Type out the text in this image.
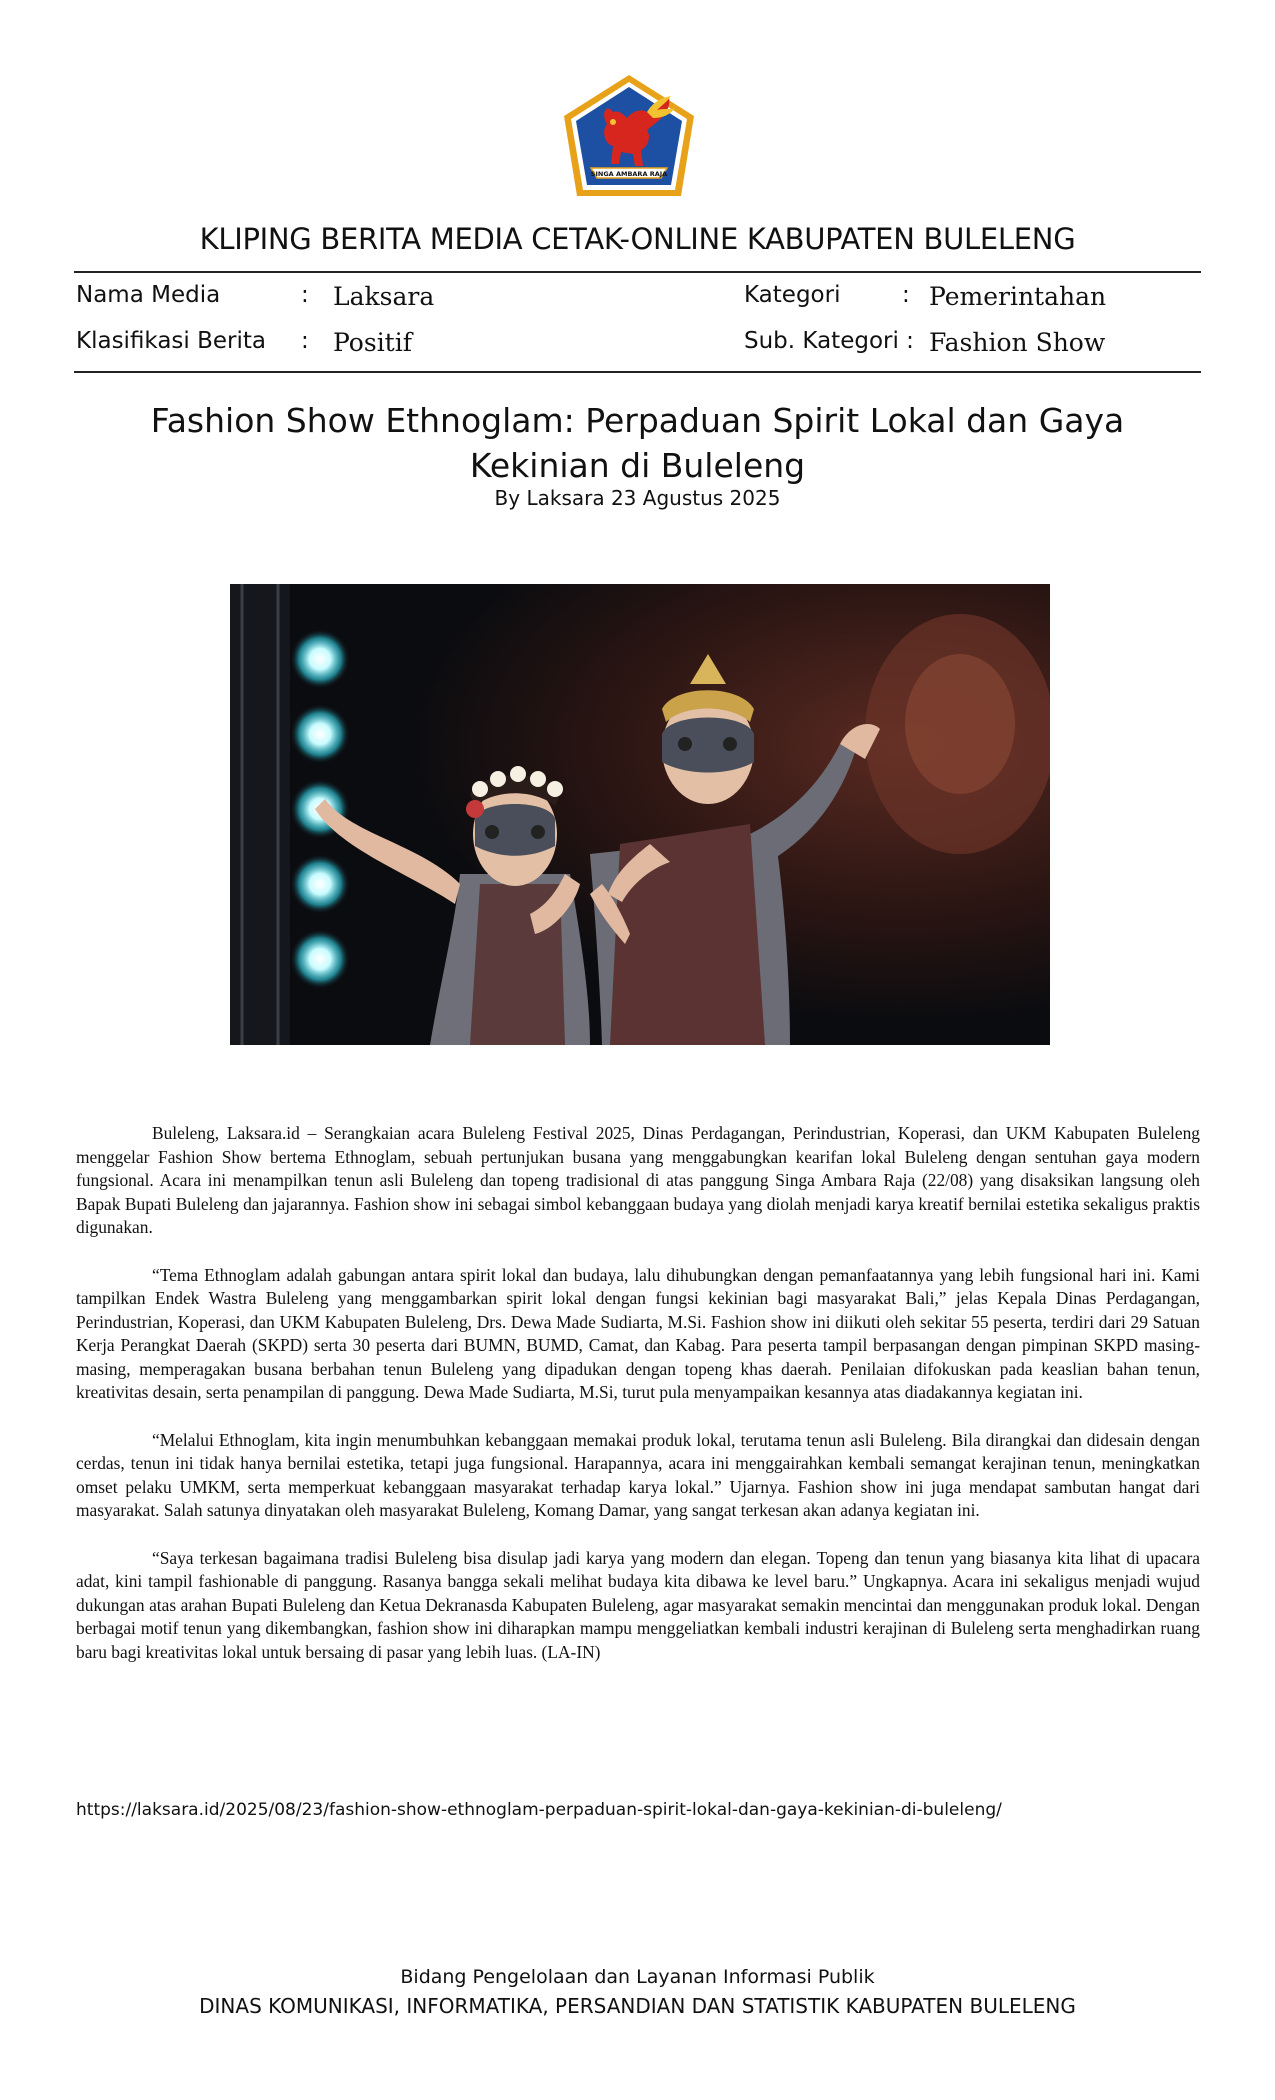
SINGA AMBARA RAJA
KLIPING BERITA MEDIA CETAK-ONLINE KABUPATEN BULELENG
Nama Media	: Laksara	Kategori	: Pemerintahan
Klasifikasi Berita : Positif	Sub. Kategori : Fashion Show
Fashion Show Ethnoglam: Perpaduan Spirit Lokal dan Gaya Kekinian di Buleleng
By Laksara 23 Agustus 2025

Buleleng, Laksara.id – Serangkaian acara Buleleng Festival 2025, Dinas Perdagangan, Perindustrian, Koperasi, dan UKM Kabupaten Buleleng menggelar Fashion Show bertema Ethnoglam, sebuah pertunjukan busana yang menggabungkan kearifan lokal Buleleng dengan sentuhan gaya modern fungsional. Acara ini menampilkan tenun asli Buleleng dan topeng tradisional di atas panggung Singa Ambara Raja (22/08) yang disaksikan langsung oleh Bapak Bupati Buleleng dan jajarannya. Fashion show ini sebagai simbol kebanggaan budaya yang diolah menjadi karya kreatif bernilai estetika sekaligus praktis digunakan.

“Tema Ethnoglam adalah gabungan antara spirit lokal dan budaya, lalu dihubungkan dengan pemanfaatannya yang lebih fungsional hari ini. Kami tampilkan Endek Wastra Buleleng yang menggambarkan spirit lokal dengan fungsi kekinian bagi masyarakat Bali,” jelas Kepala Dinas Perdagangan, Perindustrian, Koperasi, dan UKM Kabupaten Buleleng, Drs. Dewa Made Sudiarta, M.Si. Fashion show ini diikuti oleh sekitar 55 peserta, terdiri dari 29 Satuan Kerja Perangkat Daerah (SKPD) serta 30 peserta dari BUMN, BUMD, Camat, dan Kabag. Para peserta tampil berpasangan dengan pimpinan SKPD masing-masing, memperagakan busana berbahan tenun Buleleng yang dipadukan dengan topeng khas daerah. Penilaian difokuskan pada keaslian bahan tenun, kreativitas desain, serta penampilan di panggung. Dewa Made Sudiarta, M.Si, turut pula menyampaikan kesannya atas diadakannya kegiatan ini.

“Melalui Ethnoglam, kita ingin menumbuhkan kebanggaan memakai produk lokal, terutama tenun asli Buleleng. Bila dirangkai dan didesain dengan cerdas, tenun ini tidak hanya bernilai estetika, tetapi juga fungsional. Harapannya, acara ini menggairahkan kembali semangat kerajinan tenun, meningkatkan omset pelaku UMKM, serta memperkuat kebanggaan masyarakat terhadap karya lokal.” Ujarnya. Fashion show ini juga mendapat sambutan hangat dari masyarakat. Salah satunya dinyatakan oleh masyarakat Buleleng, Komang Damar, yang sangat terkesan akan adanya kegiatan ini.

“Saya terkesan bagaimana tradisi Buleleng bisa disulap jadi karya yang modern dan elegan. Topeng dan tenun yang biasanya kita lihat di upacara adat, kini tampil fashionable di panggung. Rasanya bangga sekali melihat budaya kita dibawa ke level baru.” Ungkapnya. Acara ini sekaligus menjadi wujud dukungan atas arahan Bupati Buleleng dan Ketua Dekranasda Kabupaten Buleleng, agar masyarakat semakin mencintai dan menggunakan produk lokal. Dengan berbagai motif tenun yang dikembangkan, fashion show ini diharapkan mampu menggeliatkan kembali industri kerajinan di Buleleng serta menghadirkan ruang baru bagi kreativitas lokal untuk bersaing di pasar yang lebih luas. (LA-IN)

https://laksara.id/2025/08/23/fashion-show-ethnoglam-perpaduan-spirit-lokal-dan-gaya-kekinian-di-buleleng/
Bidang Pengelolaan dan Layanan Informasi Publik
DINAS KOMUNIKASI, INFORMATIKA, PERSANDIAN DAN STATISTIK KABUPATEN BULELENG
